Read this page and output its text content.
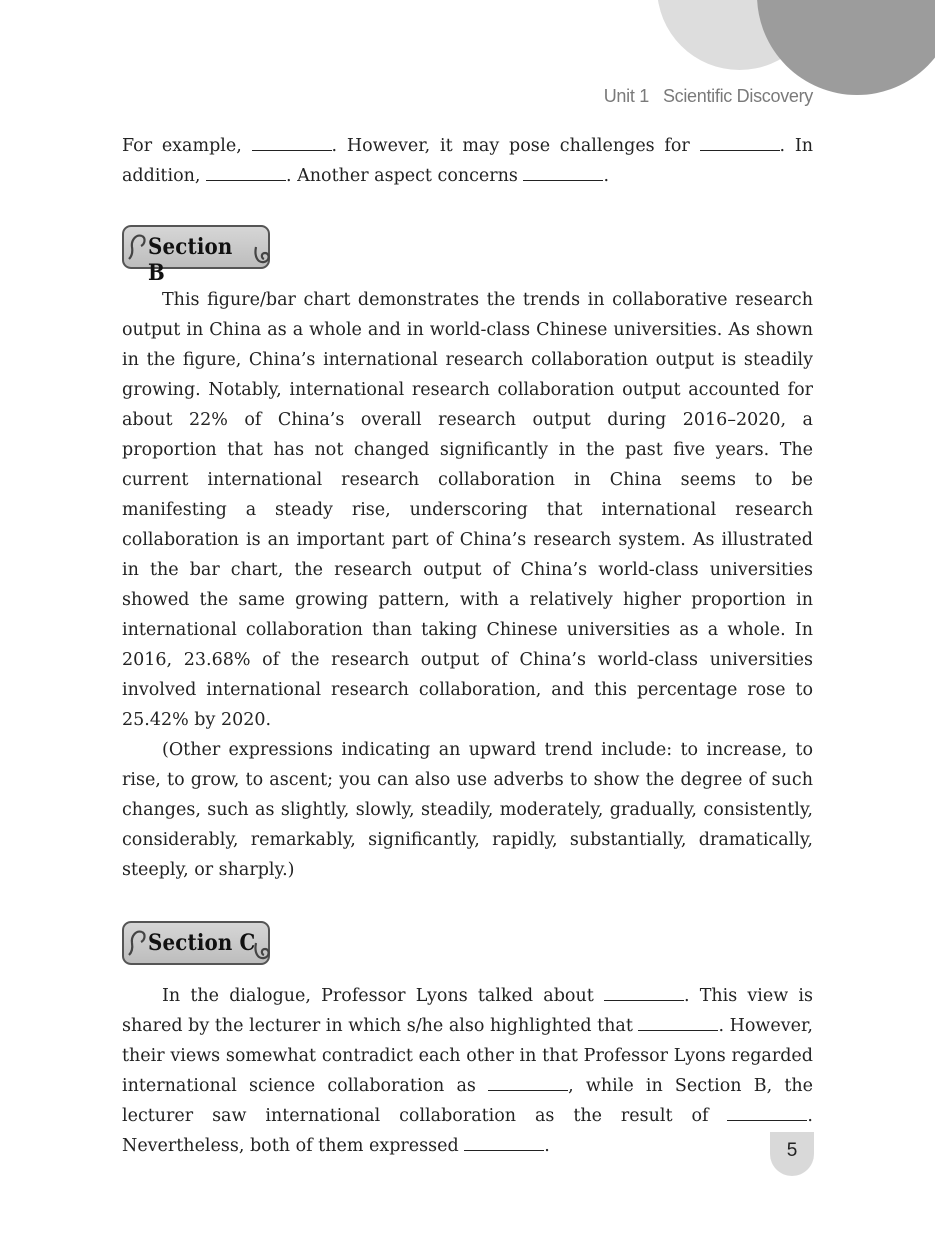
Unit 1 Scientific Discovery

For example,	. However, it may pose challenges for	. In addition,	. Another aspect concerns	.

Section B

This figure/bar chart demonstrates the trends in collaborative research output in China as a whole and in world-class Chinese universities. As shown in the figure, China’s international research collaboration output is steadily growing. Notably, international research collaboration output accounted for about 22% of China’s overall research output during 2016–2020, a proportion that has not changed significantly in the past five years. The current international research collaboration in China seems to be manifesting a steady rise, underscoring that international research collaboration is an important part of China’s research system. As illustrated in the bar chart, the research output of China’s world-class universities showed the same growing pattern, with a relatively higher proportion in international collaboration than taking Chinese universities as a whole. In 2016, 23.68% of the research output of China’s world-class universities involved international research collaboration, and this percentage rose to 25.42% by 2020.

(Other expressions indicating an upward trend include: to increase, to rise, to grow, to ascent; you can also use adverbs to show the degree of such changes, such as slightly, slowly, steadily, moderately, gradually, consistently, considerably, remarkably, significantly, rapidly, substantially, dramatically, steeply, or sharply.)

Section C

In the dialogue, Professor Lyons talked about	. This view is shared by the lecturer in which s/he also highlighted that	. However, their views somewhat contradict each other in that Professor Lyons regarded international science collaboration as	, while in Section B, the lecturer saw international collaboration as the result of	. Nevertheless, both of them expressed	.	5
